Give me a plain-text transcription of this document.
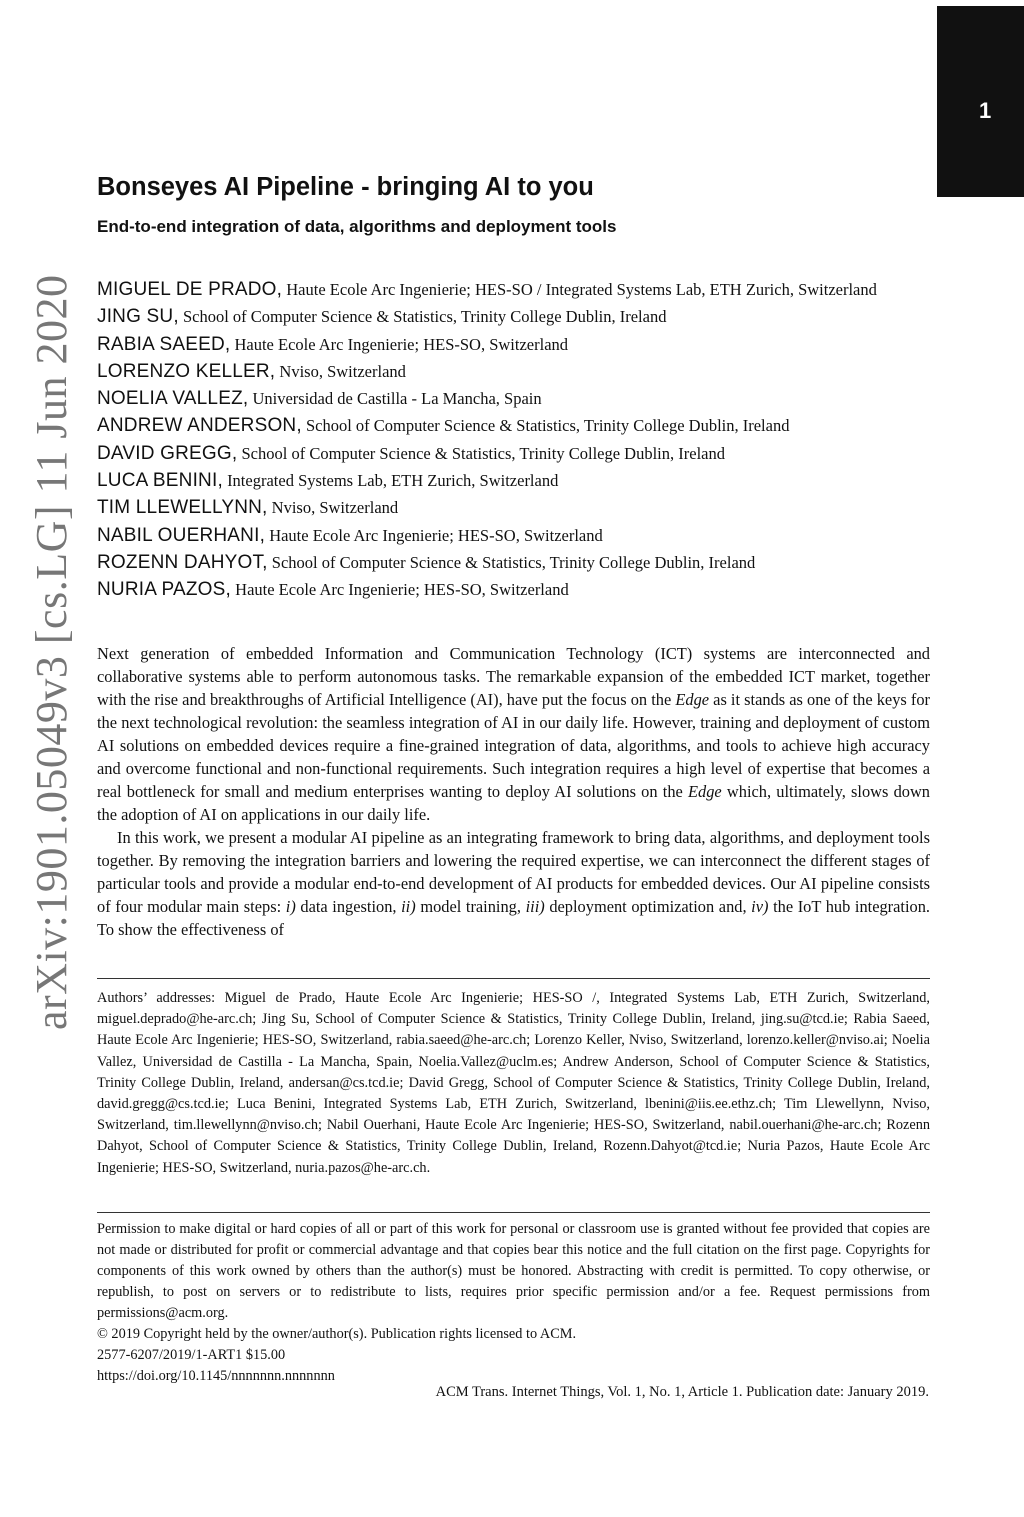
1
arXiv:1901.05049v3 [cs.LG] 11 Jun 2020
Bonseyes AI Pipeline - bringing AI to you
End-to-end integration of data, algorithms and deployment tools
MIGUEL DE PRADO, Haute Ecole Arc Ingenierie; HES-SO / Integrated Systems Lab, ETH Zurich, Switzerland
JING SU, School of Computer Science & Statistics, Trinity College Dublin, Ireland
RABIA SAEED, Haute Ecole Arc Ingenierie; HES-SO, Switzerland
LORENZO KELLER, Nviso, Switzerland
NOELIA VALLEZ, Universidad de Castilla - La Mancha, Spain
ANDREW ANDERSON, School of Computer Science & Statistics, Trinity College Dublin, Ireland
DAVID GREGG, School of Computer Science & Statistics, Trinity College Dublin, Ireland
LUCA BENINI, Integrated Systems Lab, ETH Zurich, Switzerland
TIM LLEWELLYNN, Nviso, Switzerland
NABIL OUERHANI, Haute Ecole Arc Ingenierie; HES-SO, Switzerland
ROZENN DAHYOT, School of Computer Science & Statistics, Trinity College Dublin, Ireland
NURIA PAZOS, Haute Ecole Arc Ingenierie; HES-SO, Switzerland

Next generation of embedded Information and Communication Technology (ICT) systems are interconnected and collaborative systems able to perform autonomous tasks. The remarkable expansion of the embedded ICT market, together with the rise and breakthroughs of Artificial Intelligence (AI), have put the focus on the Edge as it stands as one of the keys for the next technological revolution: the seamless integration of AI in our daily life. However, training and deployment of custom AI solutions on embedded devices require a fine-grained integration of data, algorithms, and tools to achieve high accuracy and overcome functional and non-functional requirements. Such integration requires a high level of expertise that becomes a real bottleneck for small and medium enterprises wanting to deploy AI solutions on the Edge which, ultimately, slows down the adoption of AI on applications in our daily life.

In this work, we present a modular AI pipeline as an integrating framework to bring data, algorithms, and deployment tools together. By removing the integration barriers and lowering the required expertise, we can interconnect the different stages of particular tools and provide a modular end-to-end development of AI products for embedded devices. Our AI pipeline consists of four modular main steps: i) data ingestion, ii) model training, iii) deployment optimization and, iv) the IoT hub integration. To show the effectiveness of

Authors’ addresses: Miguel de Prado, Haute Ecole Arc Ingenierie; HES-SO /, Integrated Systems Lab, ETH Zurich, Switzerland, miguel.deprado@he-arc.ch; Jing Su, School of Computer Science & Statistics, Trinity College Dublin, Ireland, jing.su@tcd.ie; Rabia Saeed, Haute Ecole Arc Ingenierie; HES-SO, Switzerland, rabia.saeed@he-arc.ch; Lorenzo Keller, Nviso, Switzerland, lorenzo.keller@nviso.ai; Noelia Vallez, Universidad de Castilla - La Mancha, Spain, Noelia.Vallez@uclm.es; Andrew Anderson, School of Computer Science & Statistics, Trinity College Dublin, Ireland, andersan@cs.tcd.ie; David Gregg, School of Computer Science & Statistics, Trinity College Dublin, Ireland, david.gregg@cs.tcd.ie; Luca Benini, Integrated Systems Lab, ETH Zurich, Switzerland, lbenini@iis.ee.ethz.ch; Tim Llewellynn, Nviso, Switzerland, tim.llewellynn@nviso.ch; Nabil Ouerhani, Haute Ecole Arc Ingenierie; HES-SO, Switzerland, nabil.ouerhani@he-arc.ch; Rozenn Dahyot, School of Computer Science & Statistics, Trinity College Dublin, Ireland, Rozenn.Dahyot@tcd.ie; Nuria Pazos, Haute Ecole Arc Ingenierie; HES-SO, Switzerland, nuria.pazos@he-arc.ch.

Permission to make digital or hard copies of all or part of this work for personal or classroom use is granted without fee provided that copies are not made or distributed for profit or commercial advantage and that copies bear this notice and the full citation on the first page. Copyrights for components of this work owned by others than the author(s) must be honored. Abstracting with credit is permitted. To copy otherwise, or republish, to post on servers or to redistribute to lists, requires prior specific permission and/or a fee. Request permissions from permissions@acm.org.

© 2019 Copyright held by the owner/author(s). Publication rights licensed to ACM.

2577-6207/2019/1-ART1 $15.00

https://doi.org/10.1145/nnnnnnn.nnnnnnn

ACM Trans. Internet Things, Vol. 1, No. 1, Article 1. Publication date: January 2019.
